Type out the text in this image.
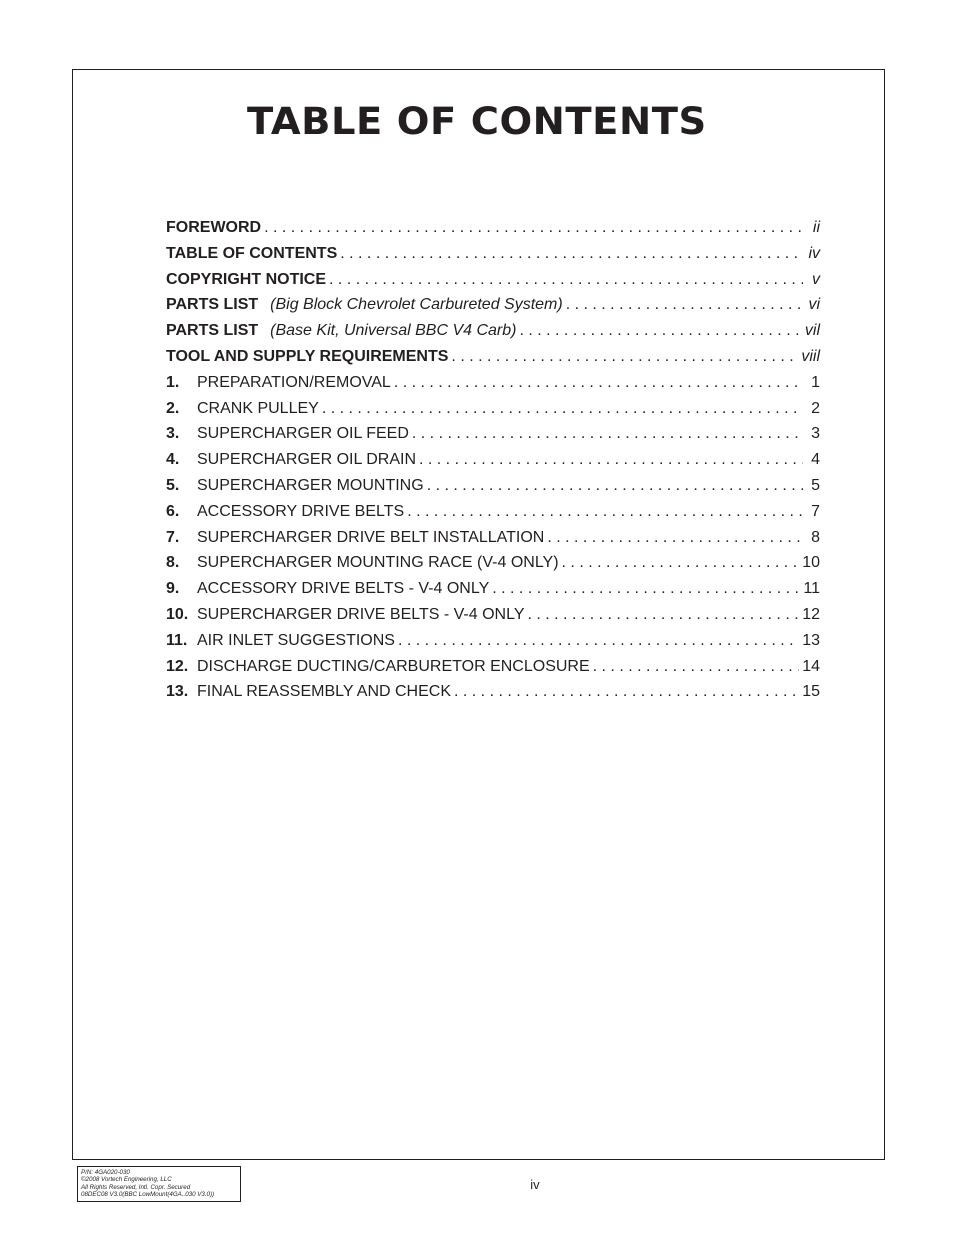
TABLE OF CONTENTS
FOREWORD . . .	ii
TABLE OF CONTENTS . . .	iv
COPYRIGHT NOTICE . . .	v
PARTS LIST (Big Block Chevrolet Carbureted System) . . .	vi
PARTS LIST (Base Kit, Universal BBC V4 Carb) . . .	vil
TOOL AND SUPPLY REQUIREMENTS . . .	viil
1.	PREPARATION/REMOVAL . . .	1
2.	CRANK PULLEY . . .	2
3.	SUPERCHARGER OIL FEED . . .	3
4.	SUPERCHARGER OIL DRAIN . . .	4
5.	SUPERCHARGER MOUNTING . . .	5
6.	ACCESSORY DRIVE BELTS . . .	7
7.	SUPERCHARGER DRIVE BELT INSTALLATION . . .	8
8.	SUPERCHARGER MOUNTING RACE (V-4 ONLY) . . .	10
9.	ACCESSORY DRIVE BELTS - V-4 ONLY . . .	11
10. SUPERCHARGER DRIVE BELTS - V-4 ONLY . . .	12
11. AIR INLET SUGGESTIONS . . .	13
12. DISCHARGE DUCTING/CARBURETOR ENCLOSURE . . .	14
13. FINAL REASSEMBLY AND CHECK . . .	15
P/N: 4GA020-030
©2008 Vortech Engineering, LLC
All Rights Reserved, Intl. Copr. Secured
08DEC08 V3.0(BBC LowMount(4GA..030 V3.0))
iv
